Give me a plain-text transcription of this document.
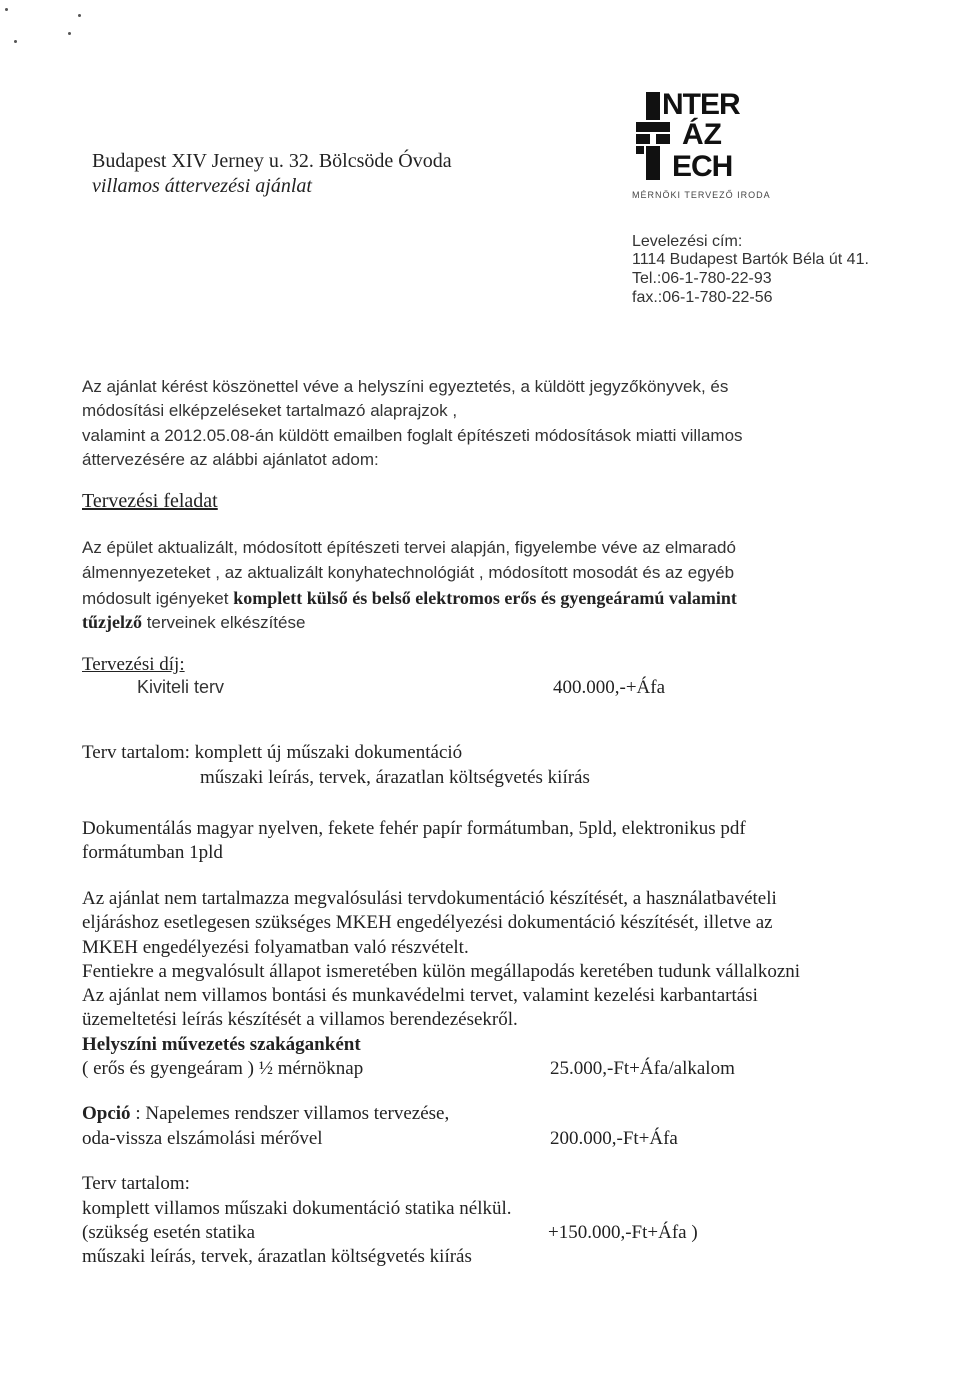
Budapest XIV Jerney u. 32. Bölcsöde Óvoda
villamos áttervezési ajánlat
NTER
ÁZ
ECH
MÉRNÖKI TERVEZŐ IRODA
Levelezési cím:
1114 Budapest Bartók Béla út 41.
Tel.:06-1-780-22-93
fax.:06-1-780-22-56
Az ajánlat kérést köszönettel véve a helyszíni egyeztetés, a küldött jegyzőkönyvek, és
módosítási elképzeléseket tartalmazó alaprajzok ,
valamint a 2012.05.08-án küldött emailben foglalt építészeti módosítások miatti villamos
áttervezésére az alábbi ajánlatot adom:
Tervezési feladat
Az épület aktualizált, módosított építészeti tervei alapján, figyelembe véve az elmaradó
álmennyezeteket , az aktualizált konyhatechnológiát , módosított mosodát és az egyéb
módosult igényeket komplett külső és belső elektromos erős és gyengeáramú valamint
tűzjelző terveinek elkészítése
Tervezési díj:
Kiviteli terv	400.000,-+Áfa
Terv tartalom: komplett új műszaki dokumentáció
műszaki leírás, tervek, árazatlan költségvetés kiírás
Dokumentálás magyar nyelven, fekete fehér papír formátumban, 5pld, elektronikus pdf
formátumban 1pld
Az ajánlat nem tartalmazza megvalósulási tervdokumentáció készítését, a használatbavételi
eljáráshoz esetlegesen szükséges MKEH engedélyezési dokumentáció készítését, illetve az
MKEH engedélyezési folyamatban való részvételt.
Fentiekre a megvalósult állapot ismeretében külön megállapodás keretében tudunk vállalkozni
Az ajánlat nem villamos bontási és munkavédelmi tervet, valamint kezelési karbantartási
üzemeltetési leírás készítését a villamos berendezésekről.
Helyszíni művezetés szakáganként
( erős és gyengeáram ) ½ mérnöknap	25.000,-Ft+Áfa/alkalom
Opció : Napelemes rendszer villamos tervezése,
oda-vissza elszámolási mérővel	200.000,-Ft+Áfa
Terv tartalom:
komplett villamos műszaki dokumentáció statika nélkül.
(szükség esetén statika	+150.000,-Ft+Áfa )
műszaki leírás, tervek, árazatlan költségvetés kiírás
